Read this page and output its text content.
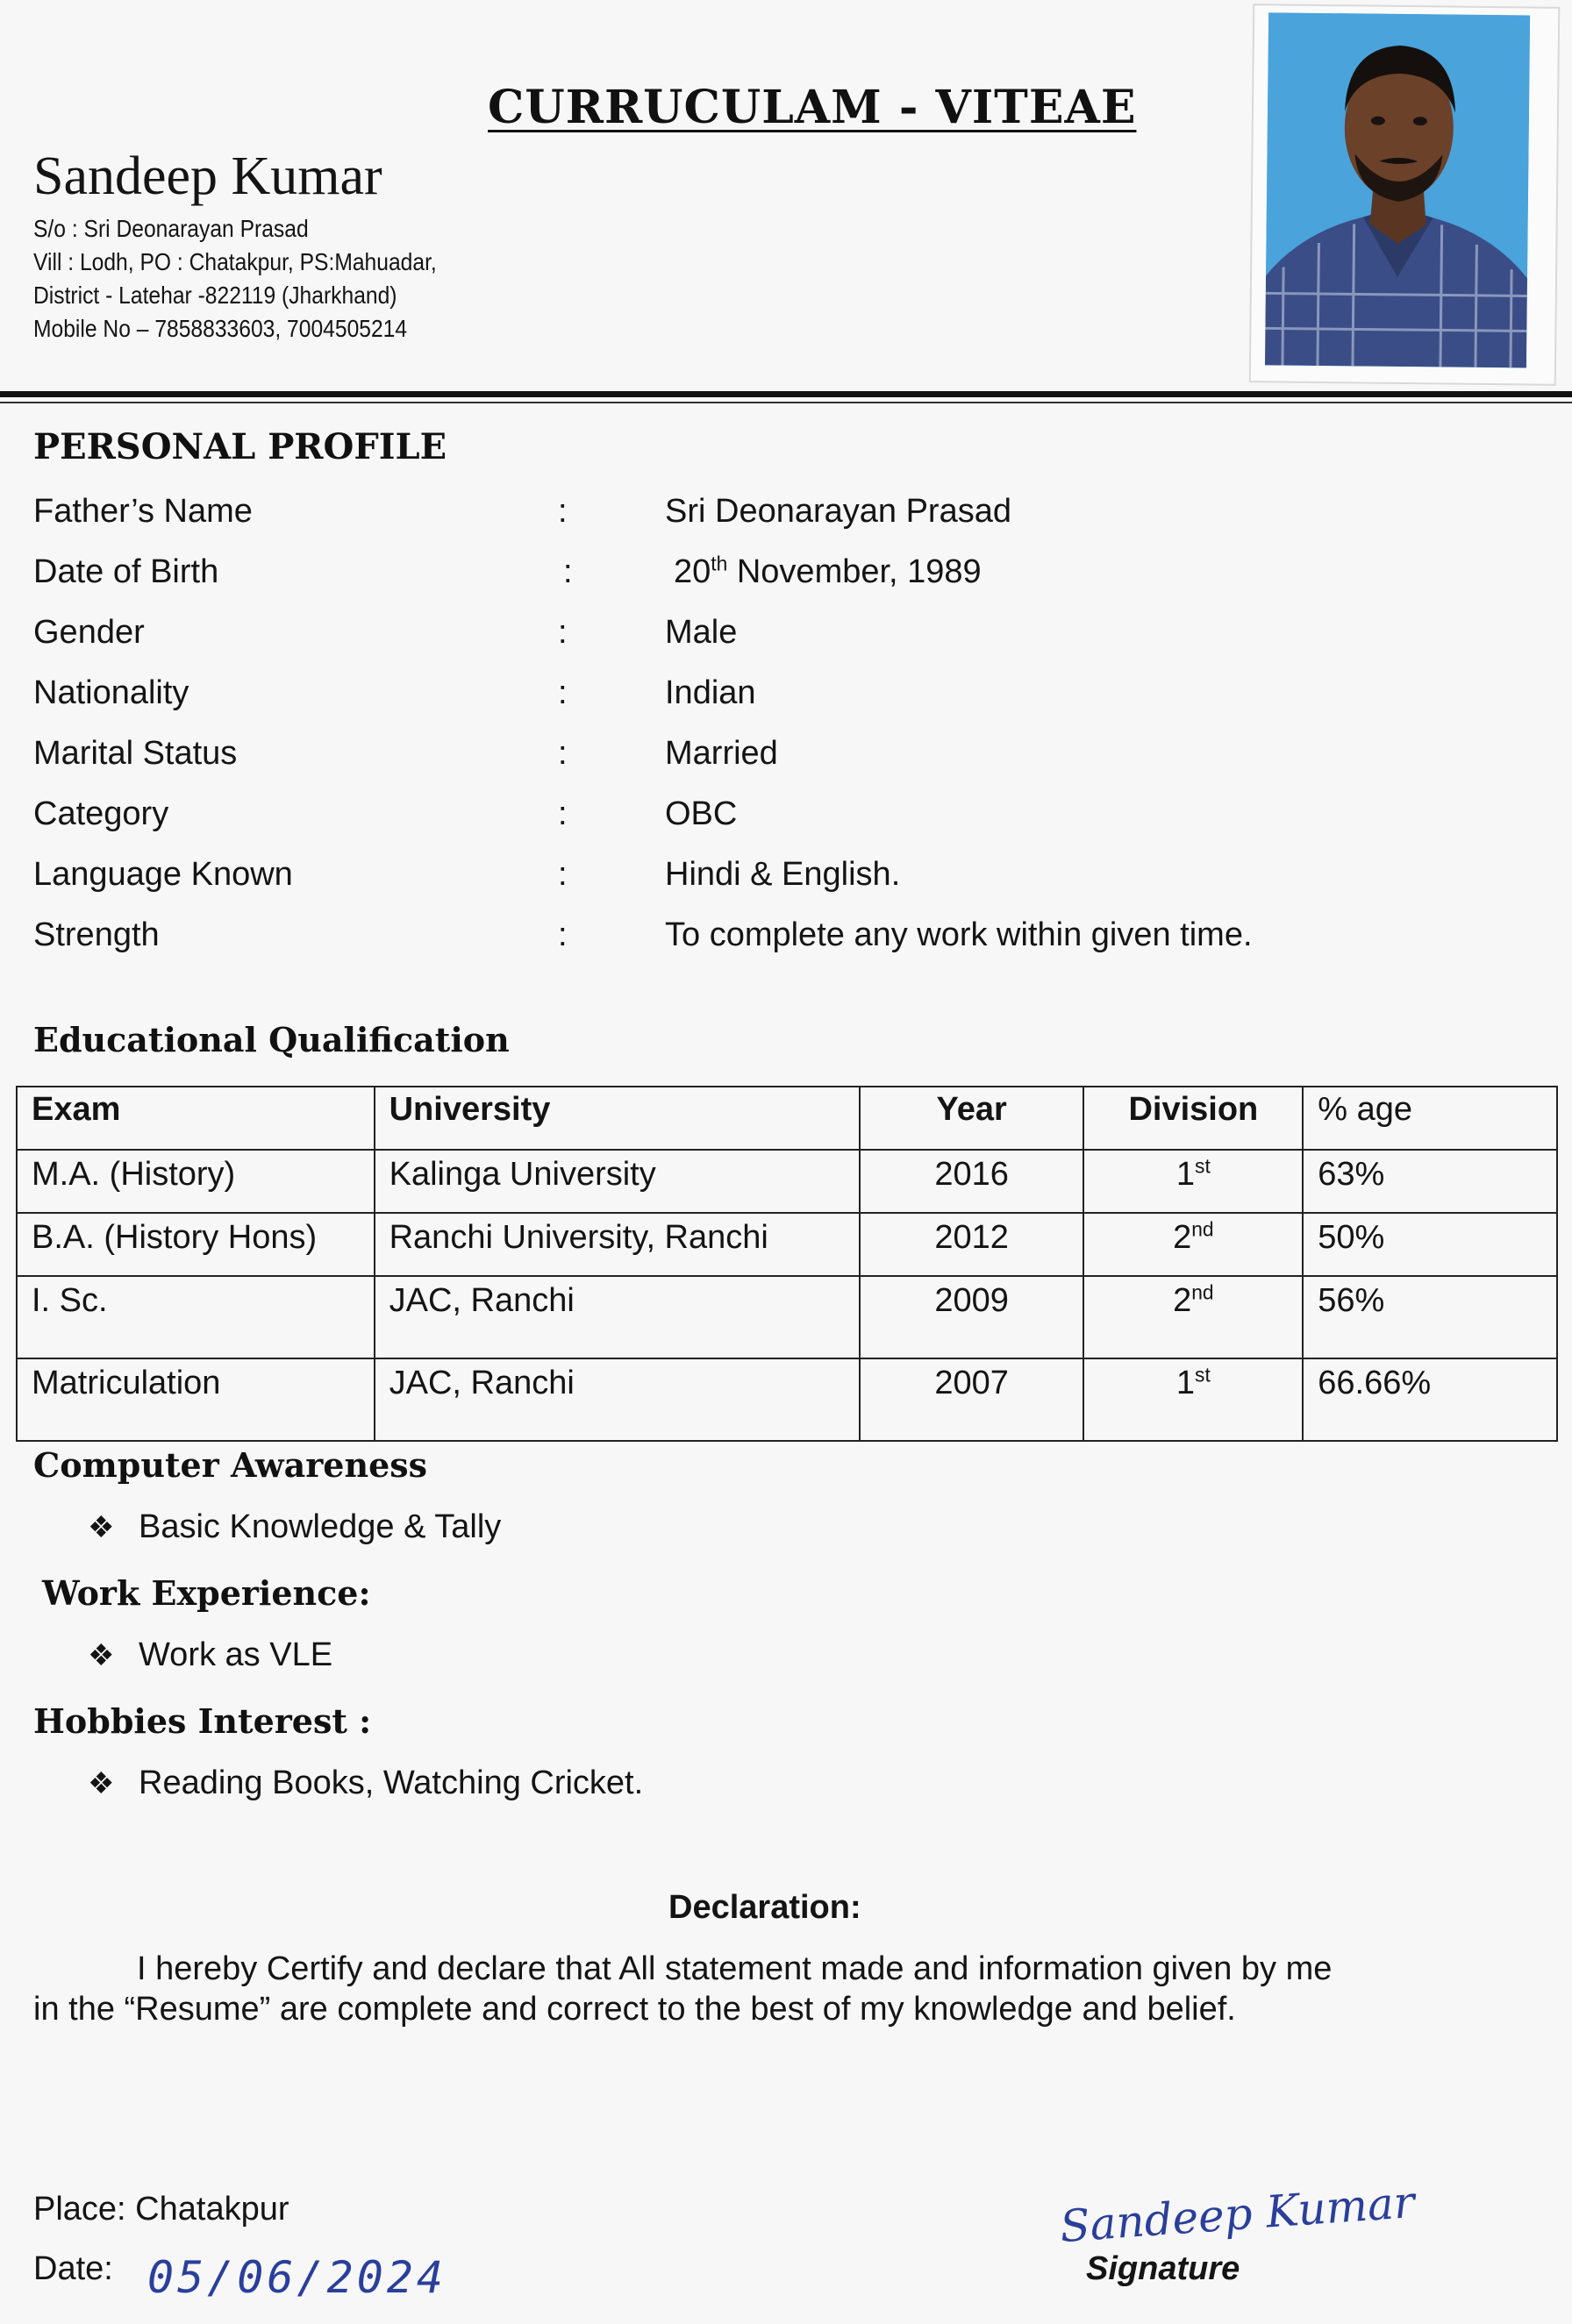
CURRUCULAM - VITEAE
Sandeep Kumar
S/o : Sri Deonarayan Prasad
Vill : Lodh, PO : Chatakpur, PS:Mahuadar,
District - Latehar -822119 (Jharkhand)
Mobile No – 7858833603, 7004505214
PERSONAL PROFILE
Father’s Name	:	Sri Deonarayan Prasad
Date of Birth	:	20th November, 1989
Gender	:	Male
Nationality	:	Indian
Marital Status	:	Married
Category	:	OBC
Language Known	:	Hindi & English.
Strength	:	To complete any work within given time.
Educational Qualification
Exam	University	Year	Division	% age
M.A. (History)	Kalinga University	2016	1st	63%
B.A. (History Hons)	Ranchi University, Ranchi	2012	2nd	50%
I. Sc.	JAC, Ranchi	2009	2nd	56%
Matriculation	JAC, Ranchi	2007	1st	66.66%
Computer Awareness
❖ Basic Knowledge & Tally
Work Experience:
❖ Work as VLE
Hobbies Interest :
❖ Reading Books, Watching Cricket.
Declaration:
I hereby Certify and declare that All statement made and information given by me
in the “Resume” are complete and correct to the best of my knowledge and belief.
Place: Chatakpur
Date: 05/06/2024
Sandeep Kumar
Signature
